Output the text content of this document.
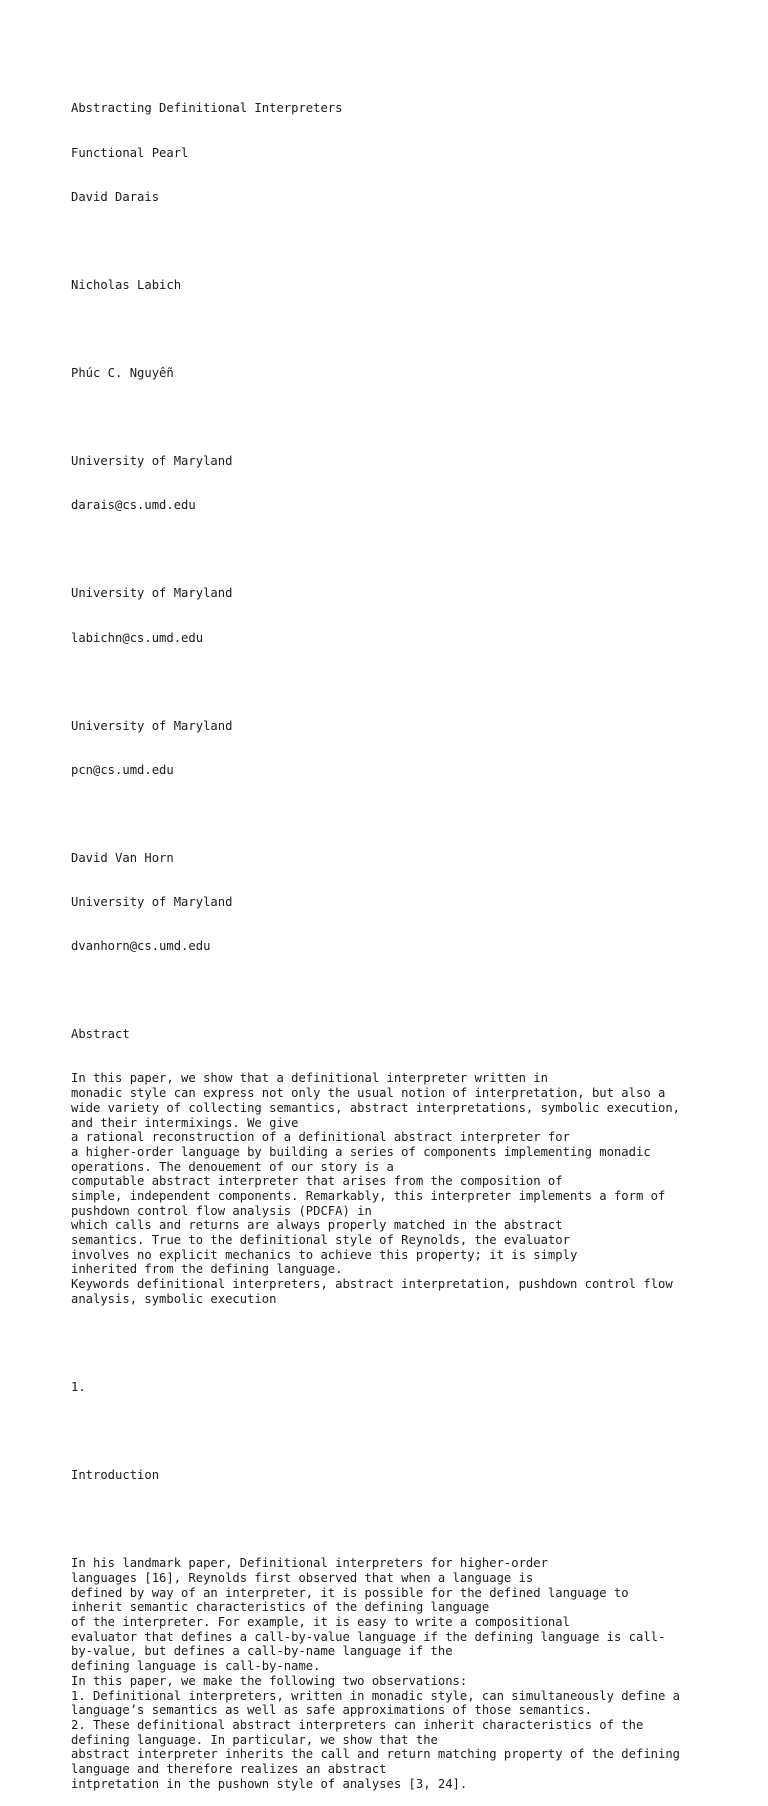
Abstracting Definitional Interpreters

Functional Pearl

David Darais

Nicholas Labich

Phúc C. Nguyễn

University of Maryland

darais@cs.umd.edu

University of Maryland

labichn@cs.umd.edu

University of Maryland

pcn@cs.umd.edu

David Van Horn

University of Maryland

dvanhorn@cs.umd.edu

Abstract

In this paper, we show that a definitional interpreter written in
monadic style can express not only the usual notion of interpretation, but also a
wide variety of collecting semantics, abstract interpretations, symbolic execution,
and their intermixings. We give
a rational reconstruction of a definitional abstract interpreter for
a higher-order language by building a series of components implementing monadic
operations. The denouement of our story is a
computable abstract interpreter that arises from the composition of
simple, independent components. Remarkably, this interpreter implements a form of
pushdown control flow analysis (PDCFA) in
which calls and returns are always properly matched in the abstract
semantics. True to the definitional style of Reynolds, the evaluator
involves no explicit mechanics to achieve this property; it is simply
inherited from the defining language.
Keywords definitional interpreters, abstract interpretation, pushdown control flow
analysis, symbolic execution

1.

Introduction

In his landmark paper, Definitional interpreters for higher-order
languages [16], Reynolds first observed that when a language is
defined by way of an interpreter, it is possible for the defined language to
inherit semantic characteristics of the defining language
of the interpreter. For example, it is easy to write a compositional
evaluator that defines a call-by-value language if the defining language is call-
by-value, but defines a call-by-name language if the
defining language is call-by-name.
In this paper, we make the following two observations:
1. Definitional interpreters, written in monadic style, can simultaneously define a
language’s semantics as well as safe approximations of those semantics.
2. These definitional abstract interpreters can inherit characteristics of the
defining language. In particular, we show that the
abstract interpreter inherits the call and return matching property of the defining
language and therefore realizes an abstract
intpretation in the pushown style of analyses [3, 24].
